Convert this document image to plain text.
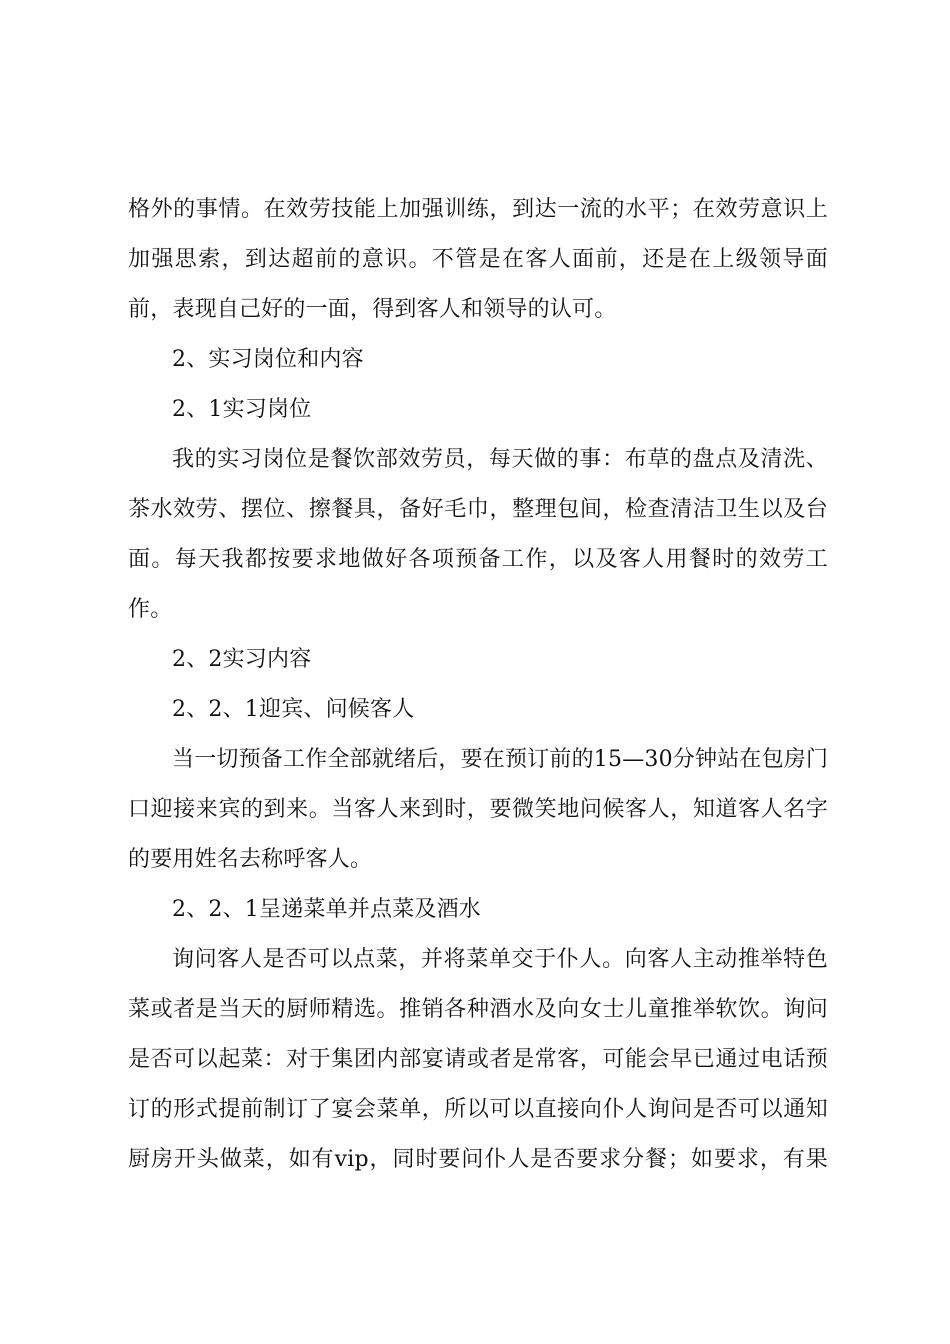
格外的事情。在效劳技能上加强训练，到达一流的水平；在效劳意识上
加强思索，到达超前的意识。不管是在客人面前，还是在上级领导面
前，表现自己好的一面，得到客人和领导的认可。
2、实习岗位和内容
2、1实习岗位
我的实习岗位是餐饮部效劳员，每天做的事：布草的盘点及清洗、
茶水效劳、摆位、擦餐具，备好毛巾，整理包间，检查清洁卫生以及台
面。每天我都按要求地做好各项预备工作，以及客人用餐时的效劳工
作。
2、2实习内容
2、2、1迎宾、问候客人
当一切预备工作全部就绪后，要在预订前的15—30分钟站在包房门
口迎接来宾的到来。当客人来到时，要微笑地问候客人，知道客人名字
的要用姓名去称呼客人。
2、2、1呈递菜单并点菜及酒水
询问客人是否可以点菜，并将菜单交于仆人。向客人主动推举特色
菜或者是当天的厨师精选。推销各种酒水及向女士儿童推举软饮。询问
是否可以起菜：对于集团内部宴请或者是常客，可能会早已通过电话预
订的形式提前制订了宴会菜单，所以可以直接向仆人询问是否可以通知
厨房开头做菜，如有vip，同时要问仆人是否要求分餐；如要求，有果
